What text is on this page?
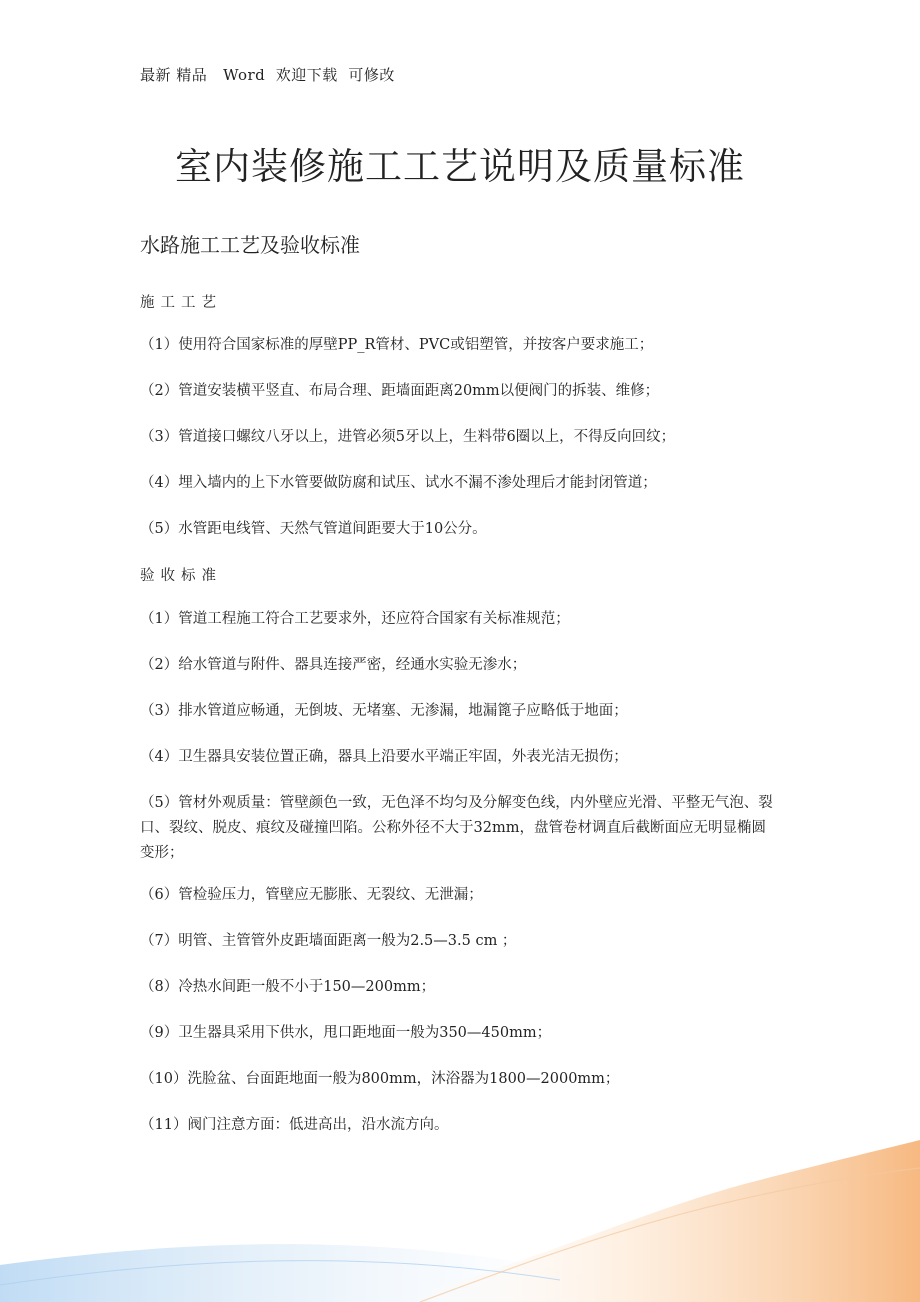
最新 精品   Word  欢迎下载  可修改
室内装修施工工艺说明及质量标准
水路施工工艺及验收标准
施工工艺
（1）使用符合国家标准的厚壁PP_R管材、PVC或铝塑管，并按客户要求施工；
（2）管道安装横平竖直、布局合理、距墙面距离20mm以便阀门的拆装、维修；
（3）管道接口螺纹八牙以上，进管必须5牙以上，生料带6圈以上，不得反向回纹；
（4）埋入墙内的上下水管要做防腐和试压、试水不漏不渗处理后才能封闭管道；
（5）水管距电线管、天然气管道间距要大于10公分。
验收标准
（1）管道工程施工符合工艺要求外，还应符合国家有关标准规范；
（2）给水管道与附件、器具连接严密，经通水实验无渗水；
（3）排水管道应畅通，无倒坡、无堵塞、无渗漏，地漏篦子应略低于地面；
（4）卫生器具安装位置正确，器具上沿要水平端正牢固，外表光洁无损伤；
（5）管材外观质量：管壁颜色一致，无色泽不均匀及分解变色线，内外壁应光滑、平整无气泡、裂口、裂纹、脱皮、痕纹及碰撞凹陷。公称外径不大于32mm，盘管卷材调直后截断面应无明显椭圆变形；
（6）管检验压力，管壁应无膨胀、无裂纹、无泄漏；
（7）明管、主管管外皮距墙面距离一般为2.5—3.5 cm ；
（8）冷热水间距一般不小于150—200mm；
（9）卫生器具采用下供水，甩口距地面一般为350—450mm；
（10）洗脸盆、台面距地面一般为800mm，沐浴器为1800—2000mm；
（11）阀门注意方面：低进高出，沿水流方向。
